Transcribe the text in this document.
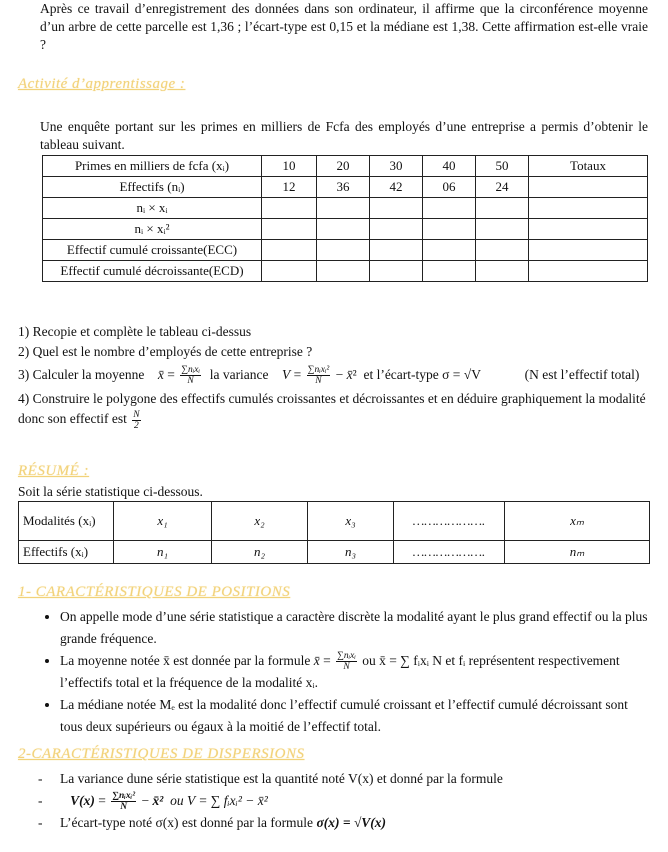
Après ce travail d’enregistrement des données dans son ordinateur, il affirme que la circonférence moyenne d’un arbre de cette parcelle est 1,36 ; l’écart-type est 0,15 et la médiane est 1,38. Cette affirmation est-elle vraie ?

Activité d’apprentissage :

Une enquête portant sur les primes en milliers de Fcfa des employés d’une entreprise a permis d’obtenir le tableau suivant.

Primes en milliers de fcfa (xᵢ)	10	20	30	40	50	Totaux
Effectifs (nᵢ)	12	36	42	06	24	
nᵢ × xᵢ						
nᵢ × xᵢ²						
Effectif cumulé croissante(ECC)						
Effectif cumulé décroissante(ECD)						

1) Recopie et complète le tableau ci-dessus

2) Quel est le nombre d’employés de cette entreprise ?

3) Calculer la moyenne x̄ = $\frac{\text{∑nᵢxᵢ}}{N}$ la variance $V = \frac{\text{∑nᵢxᵢ²}}{N}$ − x̄²  et l’écart-type σ = √V	(N est l’effectif total)

4) Construire le polygone des effectifs cumulés croissantes et décroissantes et en déduire graphiquement la modalité donc son effectif est $\frac{N}{2}$

RÉSUMÉ :

Soit la série statistique ci-dessous.

Modalités (xᵢ)	x₁	x₂	x₃	……………….	xₘ
Effectifs (xᵢ)	n₁	n₂	n₃	……………….	nₘ

1- CARACTÉRISTIQUES DE POSITIONS

• On appelle mode d’une série statistique a caractère discrète la modalité ayant le plus grand effectif ou la plus grande fréquence.
• La moyenne notée x̄ est donnée par la formule x̄ = $\frac{\text{∑nᵢxᵢ}}{N}$ ou x̄ = ∑ fᵢxᵢ N et fᵢ représentent respectivement l’effectifs total et la fréquence de la modalité xᵢ.
• La médiane notée Mₑ est la modalité donc l’effectif cumulé croissant et l’effectif cumulé décroissant sont tous deux supérieurs ou égaux à la moitié de l’effectif total.

2-CARACTÉRISTIQUES DE DISPERSIONS

- La variance dune série statistique est la quantité noté V(x) et donné par la formule
-    $V(x) = \frac{\text{∑nᵢxᵢ²}}{N}$ − x̄² ou V = ∑ fᵢxᵢ² − x̄²
- L’écart-type noté σ(x) est donné par la formule σ(x) = √V(x)
